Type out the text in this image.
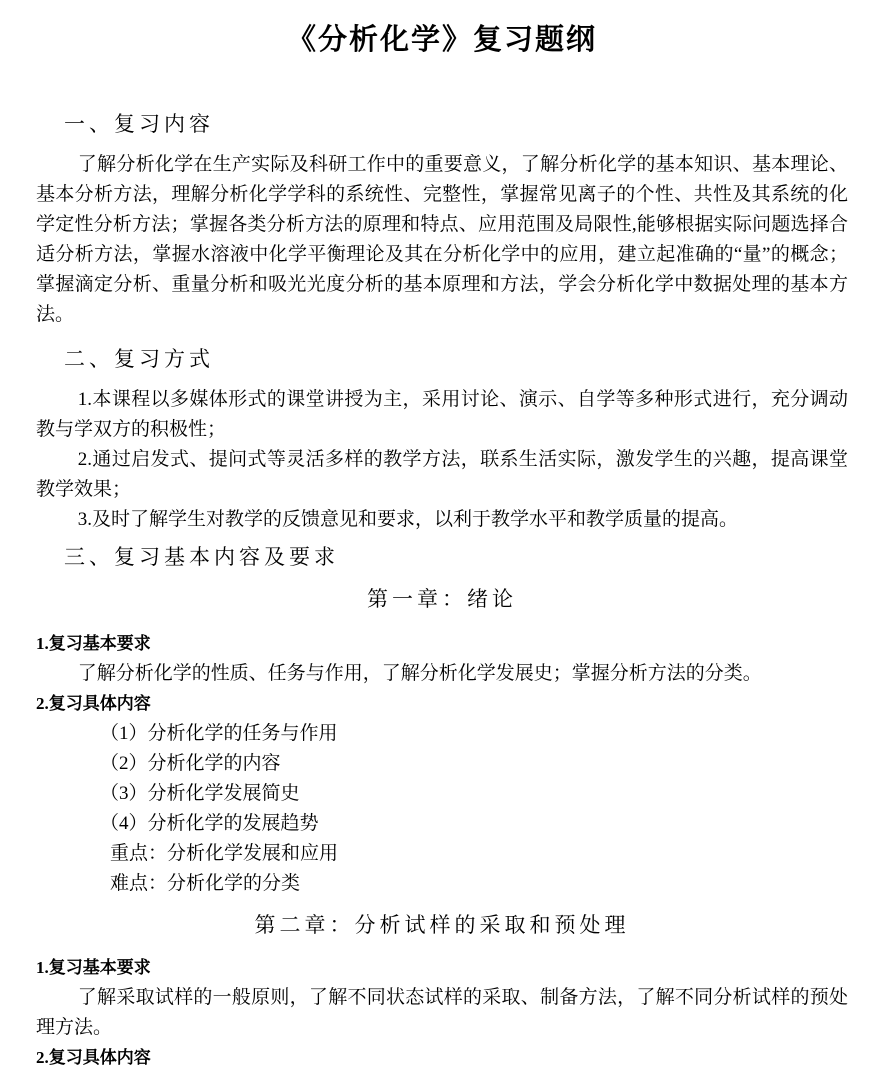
《分析化学》复习题纲
一、复习内容

了解分析化学在生产实际及科研工作中的重要意义，了解分析化学的基本知识、基本理论、基本分析方法，理解分析化学学科的系统性、完整性，掌握常见离子的个性、共性及其系统的化学定性分析方法；掌握各类分析方法的原理和特点、应用范围及局限性,能够根据实际问题选择合适分析方法，掌握水溶液中化学平衡理论及其在分析化学中的应用，建立起准确的“量”的概念；掌握滴定分析、重量分析和吸光光度分析的基本原理和方法，学会分析化学中数据处理的基本方法。

二、复习方式

1.本课程以多媒体形式的课堂讲授为主，采用讨论、演示、自学等多种形式进行，充分调动教与学双方的积极性；

2.通过启发式、提问式等灵活多样的教学方法，联系生活实际，激发学生的兴趣，提高课堂教学效果；

3.及时了解学生对教学的反馈意见和要求，以利于教学水平和教学质量的提高。

三、复习基本内容及要求
第一章：绪论

1.复习基本要求

了解分析化学的性质、任务与作用，了解分析化学发展史；掌握分析方法的分类。

2.复习具体内容

（1）分析化学的任务与作用

（2）分析化学的内容

（3）分析化学发展简史

（4）分析化学的发展趋势

重点：分析化学发展和应用

难点：分析化学的分类

第二章：分析试样的采取和预处理

1.复习基本要求

了解采取试样的一般原则，了解不同状态试样的采取、制备方法，了解不同分析试样的预处理方法。

2.复习具体内容
